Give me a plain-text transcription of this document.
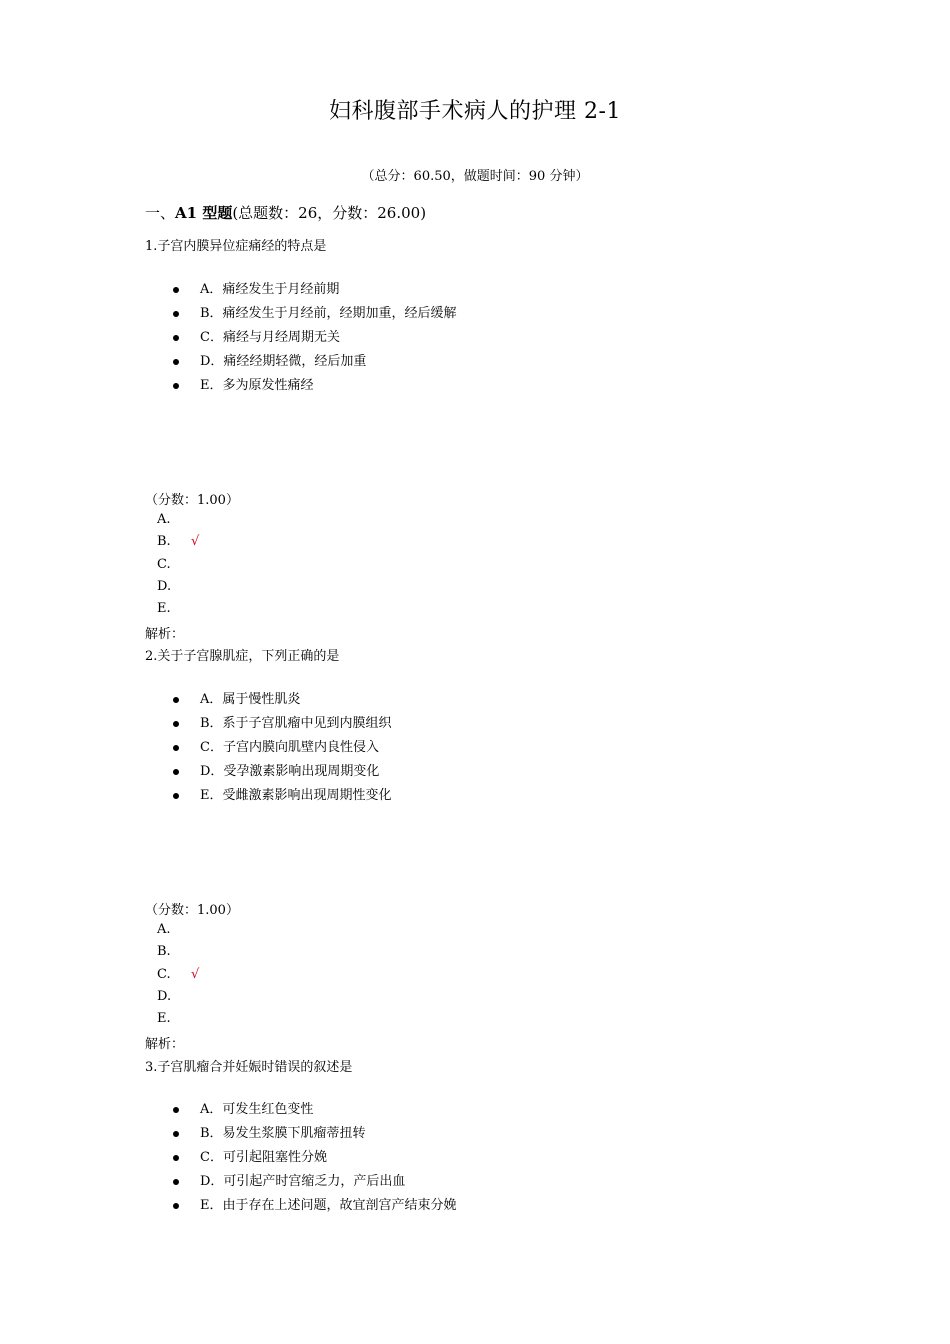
妇科腹部手术病人的护理 2-1
（总分：60.50，做题时间：90 分钟）
一、A1 型题(总题数：26，分数：26.00)
1.子宫内膜异位症痛经的特点是
A．痛经发生于月经前期
B．痛经发生于月经前，经期加重，经后缓解
C．痛经与月经周期无关
D．痛经经期轻微，经后加重
E．多为原发性痛经
（分数：1.00）
A.
B. √
C.
D.
E.
解析：
2.关于子宫腺肌症，下列正确的是
A．属于慢性肌炎
B．系于子宫肌瘤中见到内膜组织
C．子宫内膜向肌壁内良性侵入
D．受孕激素影响出现周期变化
E．受雌激素影响出现周期性变化
（分数：1.00）
A.
B.
C. √
D.
E.
解析：
3.子宫肌瘤合并妊娠时错误的叙述是
A．可发生红色变性
B．易发生浆膜下肌瘤蒂扭转
C．可引起阻塞性分娩
D．可引起产时宫缩乏力，产后出血
E．由于存在上述问题，故宜剖宫产结束分娩
